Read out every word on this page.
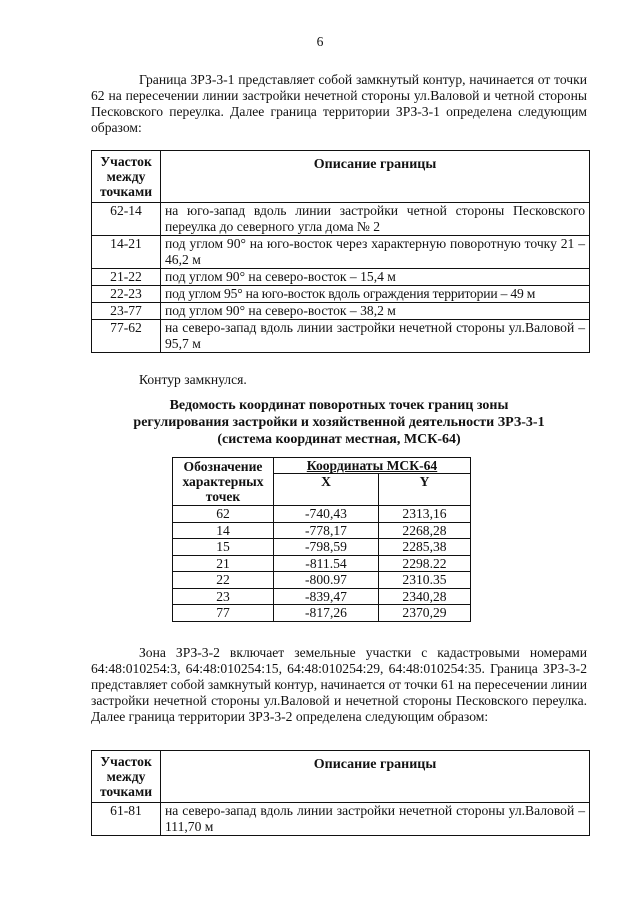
6
Граница ЗРЗ-3-1 представляет собой замкнутый контур, начинается от точки 62 на пересечении линии застройки нечетной стороны ул.Валовой и четной стороны Песковского переулка. Далее граница территории ЗРЗ-3-1 определена следующим образом:
Участок между точками	Описание границы
62-14	на юго-запад вдоль линии застройки четной стороны Песковского переулка до северного угла дома № 2
14-21	под углом 90° на юго-восток через характерную поворотную точку 21 – 46,2 м
21-22	под углом 90° на северо-восток – 15,4 м
22-23	под углом 95° на юго-восток вдоль ограждения территории – 49 м
23-77	под углом 90° на северо-восток – 38,2 м
77-62	на северо-запад вдоль линии застройки нечетной стороны ул.Валовой – 95,7 м
Контур замкнулся.
Ведомость координат поворотных точек границ зоны
регулирования застройки и хозяйственной деятельности ЗРЗ-3-1
(система координат местная, МСК-64)
Обозначение характерных точек	Координаты МСК-64	
	X	Y
62	-740,43	2313,16
14	-778,17	2268,28
15	-798,59	2285,38
21	-811.54	2298.22
22	-800.97	2310.35
23	-839,47	2340,28
77	-817,26	2370,29
Зона ЗРЗ-3-2 включает земельные участки с кадастровыми номерами 64:48:010254:3, 64:48:010254:15, 64:48:010254:29, 64:48:010254:35. Граница ЗРЗ-3-2 представляет собой замкнутый контур, начинается от точки 61 на пересечении линии застройки нечетной стороны ул.Валовой и нечетной стороны Песковского переулка. Далее граница территории ЗРЗ-3-2 определена следующим образом:
Участок между точками	Описание границы
61-81	на северо-запад вдоль линии застройки нечетной стороны ул.Валовой – 111,70 м
